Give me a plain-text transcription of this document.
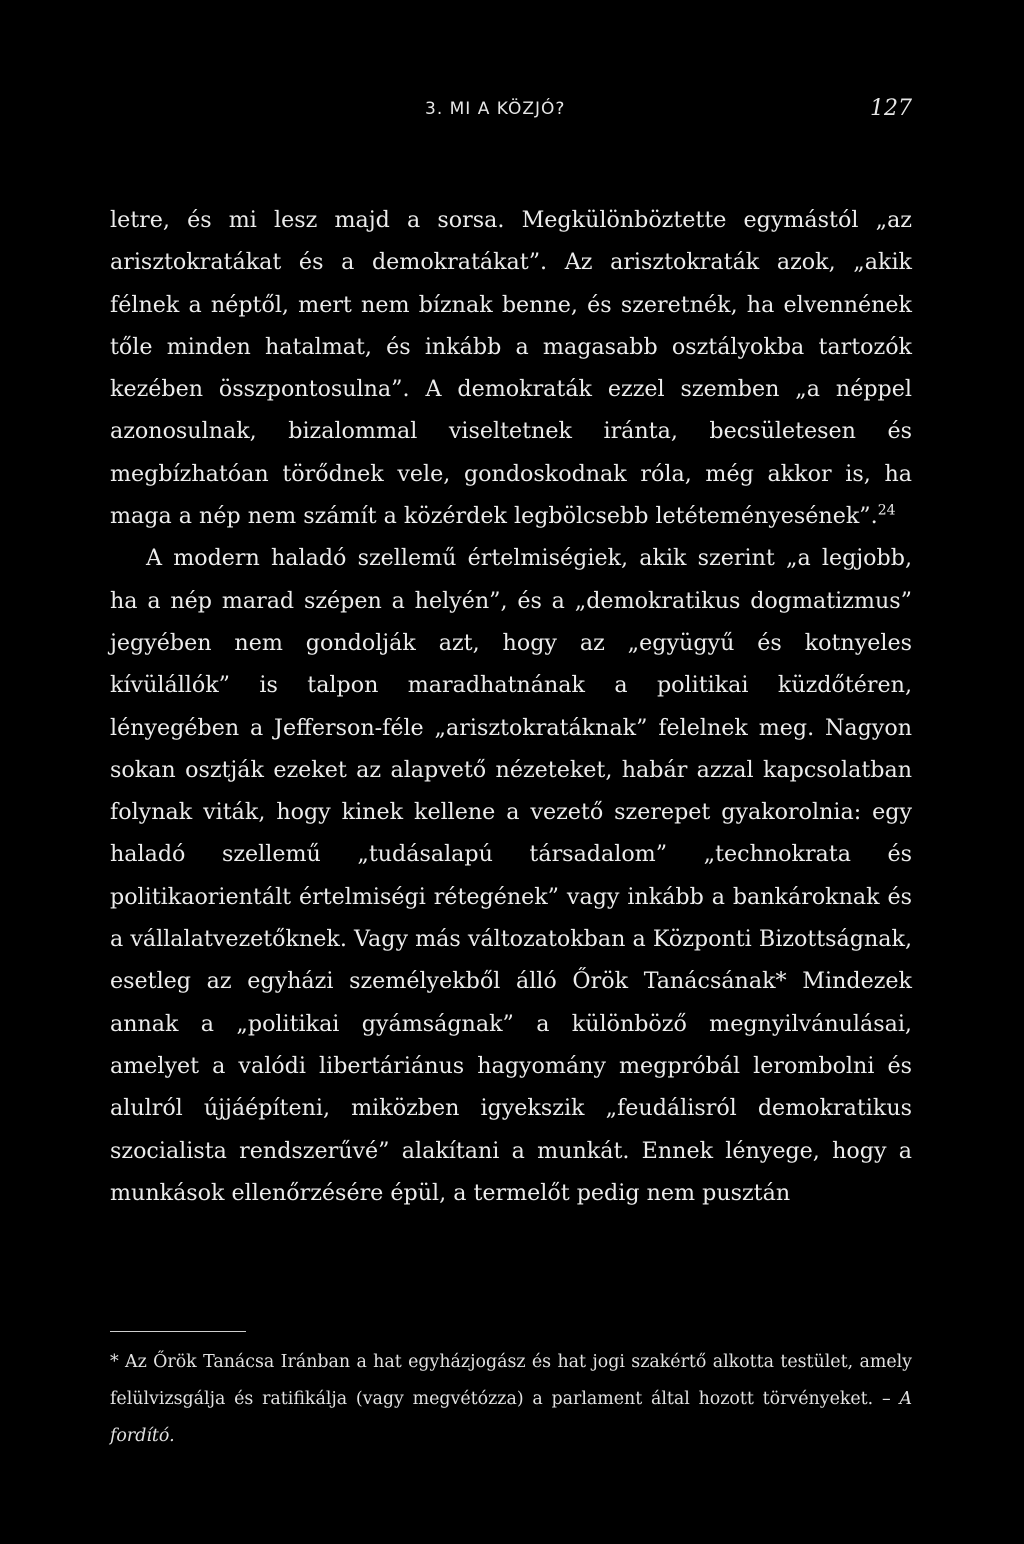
3. MI A KÖZJÓ?	127

letre, és mi lesz majd a sorsa. Megkülönböztette egymástól „az arisztokratákat és a demokratákat”. Az arisztokraták azok, „akik félnek a néptől, mert nem bíznak benne, és szeretnék, ha elvennének tőle minden hatalmat, és inkább a magasabb osztályokba tartozók kezében összpontosulna”. A demokraták ezzel szemben „a néppel azonosulnak, bizalommal viseltetnek iránta, becsületesen és megbízhatóan törődnek vele, gondoskodnak róla, még akkor is, ha maga a nép nem számít a közérdek legbölcsebb letéteményesének”.$^{24}$

A modern haladó szellemű értelmiségiek, akik szerint „a legjobb, ha a nép marad szépen a helyén”, és a „demokratikus dogmatizmus” jegyében nem gondolják azt, hogy az „együgyű és kotnyeles kívülállók” is talpon maradhatnának a politikai küzdőtéren, lényegében a Jefferson-féle „arisztokratáknak” felelnek meg. Nagyon sokan osztják ezeket az alapvető nézeteket, habár azzal kapcsolatban folynak viták, hogy kinek kellene a vezető szerepet gyakorolnia: egy haladó szellemű „tudásalapú társadalom” „technokrata és politikaorientált értelmiségi rétegének” vagy inkább a bankároknak és a vállalatvezetőknek. Vagy más változatokban a Központi Bizottságnak, esetleg az egyházi személyekből álló Őrök Tanácsának* Mindezek annak a „politikai gyámságnak” a különböző megnyilvánulásai, amelyet a valódi libertáriánus hagyomány megpróbál lerombolni és alulról újjáépíteni, miközben igyekszik „feudálisról demokratikus szocialista rendszerűvé” alakítani a munkát. Ennek lényege, hogy a munkások ellenőrzésére épül, a termelőt pedig nem pusztán

* Az Őrök Tanácsa Iránban a hat egyházjogász és hat jogi szakértő alkotta testület, amely felülvizsgálja és ratifikálja (vagy megvétózza) a parlament által hozott törvényeket. – A fordító.
